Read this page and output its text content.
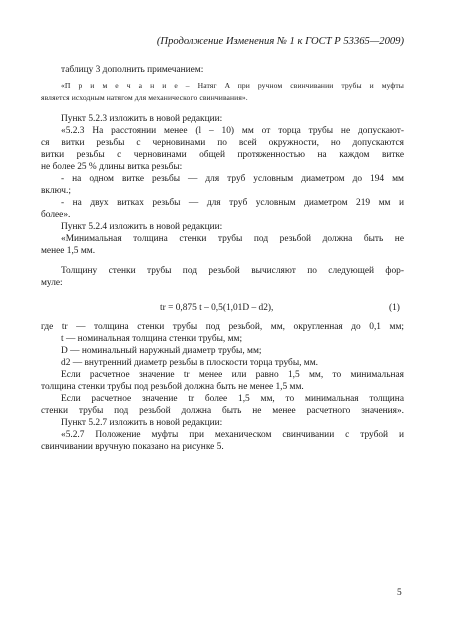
(Продолжение Изменения № 1 к ГОСТ Р 53365—2009)
таблицу 3 дополнить примечанием:
«П р и м е ч а н и е – Натяг A при ручном свинчивании трубы и муфты
является исходным натягом для механического свинчивания».
Пункт 5.2.3 изложить в новой редакции:
«5.2.3 На расстоянии менее (l – 10) мм от торца трубы не допускают-
ся витки резьбы с черновинами по всей окружности, но допускаются
витки резьбы с черновинами общей протяженностью на каждом витке
не более 25 % длины витка резьбы:
- на одном витке резьбы — для труб условным диаметром до 194 мм
включ.;
- на двух витках резьбы — для труб условным диаметром 219 мм и
более».
Пункт 5.2.4 изложить в новой редакции:
«Минимальная толщина стенки трубы под резьбой должна быть не
менее 1,5 мм.
Толщину стенки трубы под резьбой вычисляют по следующей фор-
муле:
tr = 0,875 t – 0,5(1,01D – d2),	(1)
где tr — толщина стенки трубы под резьбой, мм, округленная до 0,1 мм;
t — номинальная толщина стенки трубы, мм;
D — номинальный наружный диаметр трубы, мм;
d2 — внутренний диаметр резьбы в плоскости торца трубы, мм.
Если расчетное значение tr менее или равно 1,5 мм, то минимальная
толщина стенки трубы под резьбой должна быть не менее 1,5 мм.
Если расчетное значение tr более 1,5 мм, то минимальная толщина
стенки трубы под резьбой должна быть не менее расчетного значения».
Пункт 5.2.7 изложить в новой редакции:
«5.2.7 Положение муфты при механическом свинчивании с трубой и
свинчивании вручную показано на рисунке 5.
5
